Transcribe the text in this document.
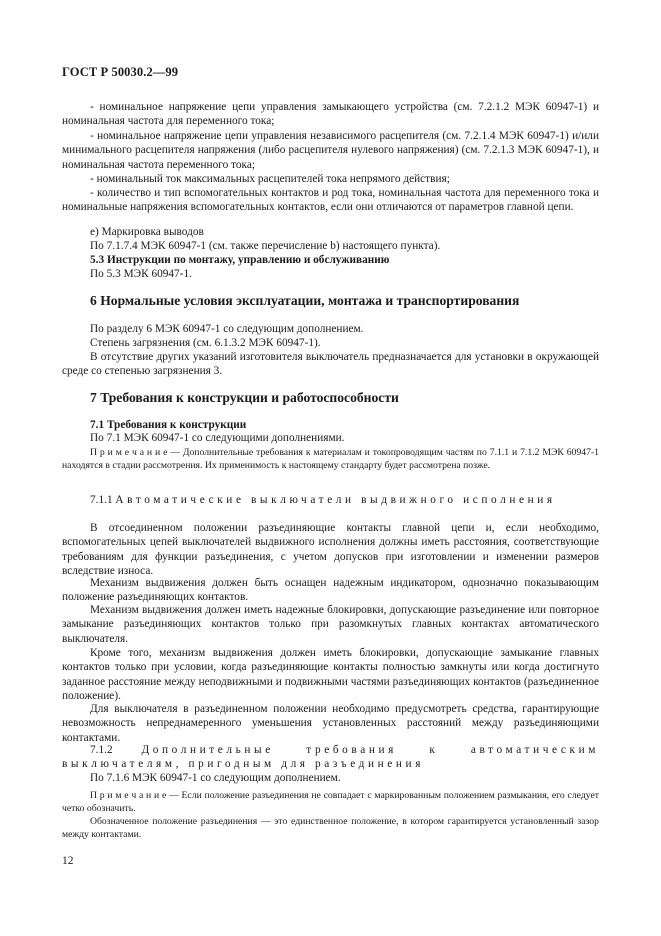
ГОСТ Р 50030.2—99

- номинальное напряжение цепи управления замыкающего устройства (см. 7.2.1.2 МЭК 60947-1) и номинальная частота для переменного тока;

- номинальное напряжение цепи управления независимого расцепителя (см. 7.2.1.4 МЭК 60947-1) и/или минимального расцепителя напряжения (либо расцепителя нулевого напряжения) (см. 7.2.1.3 МЭК 60947-1), и номинальная частота переменного тока;

- номинальный ток максимальных расцепителей тока непрямого действия;

- количество и тип вспомогательных контактов и род тока, номинальная частота для переменного тока и номинальные напряжения вспомогательных контактов, если они отличаются от параметров главной цепи.

е) Маркировка выводов

По 7.1.7.4 МЭК 60947-1 (см. также перечисление b) настоящего пункта).

5.3 Инструкции по монтажу, управлению и обслуживанию

По 5.3 МЭК 60947-1.

6 Нормальные условия эксплуатации, монтажа и транспортирования

По разделу 6 МЭК 60947-1 со следующим дополнением.

Степень загрязнения (см. 6.1.3.2 МЭК 60947-1).

В отсутствие других указаний изготовителя выключатель предназначается для установки в окружающей среде со степенью загрязнения 3.

7 Требования к конструкции и работоспособности

7.1 Требования к конструкции

По 7.1 МЭК 60947-1 со следующими дополнениями.

П р и м е ч а н и е — Дополнительные требования к материалам и токопроводящим частям по 7.1.1 и 7.1.2 МЭК 60947-1 находятся в стадии рассмотрения. Их применимость к настоящему стандарту будет рассмотрена позже.

7.1.1 Автоматические выключатели выдвижного исполнения

В отсоединенном положении разъединяющие контакты главной цепи и, если необходимо, вспомогательных цепей выключателей выдвижного исполнения должны иметь расстояния, соответствующие требованиям для функции разъединения, с учетом допусков при изготовлении и изменении размеров вследствие износа.

Механизм выдвижения должен быть оснащен надежным индикатором, однозначно показывающим положение разъединяющих контактов.

Механизм выдвижения должен иметь надежные блокировки, допускающие разъединение или повторное замыкание разъединяющих контактов только при разомкнутых главных контактах автоматического выключателя.

Кроме того, механизм выдвижения должен иметь блокировки, допускающие замыкание главных контактов только при условии, когда разъединяющие контакты полностью замкнуты или когда достигнуто заданное расстояние между неподвижными и подвижными частями разъединяющих контактов (разъединенное положение).

Для выключателя в разъединенном положении необходимо предусмотреть средства, гарантирующие невозможность непреднамеренного уменьшения установленных расстояний между разъединяющими контактами.

7.1.2	Дополнительные требования к автоматическим выключателям, пригодным для разъединения

По 7.1.6 МЭК 60947-1 со следующим дополнением.

П р и м е ч а н и е — Если положение разъединения не совпадает с маркированным положением размыкания, его следует четко обозначить.

Обозначенное положение разъединения — это единственное положение, в котором гарантируется установленный зазор между контактами.

12
